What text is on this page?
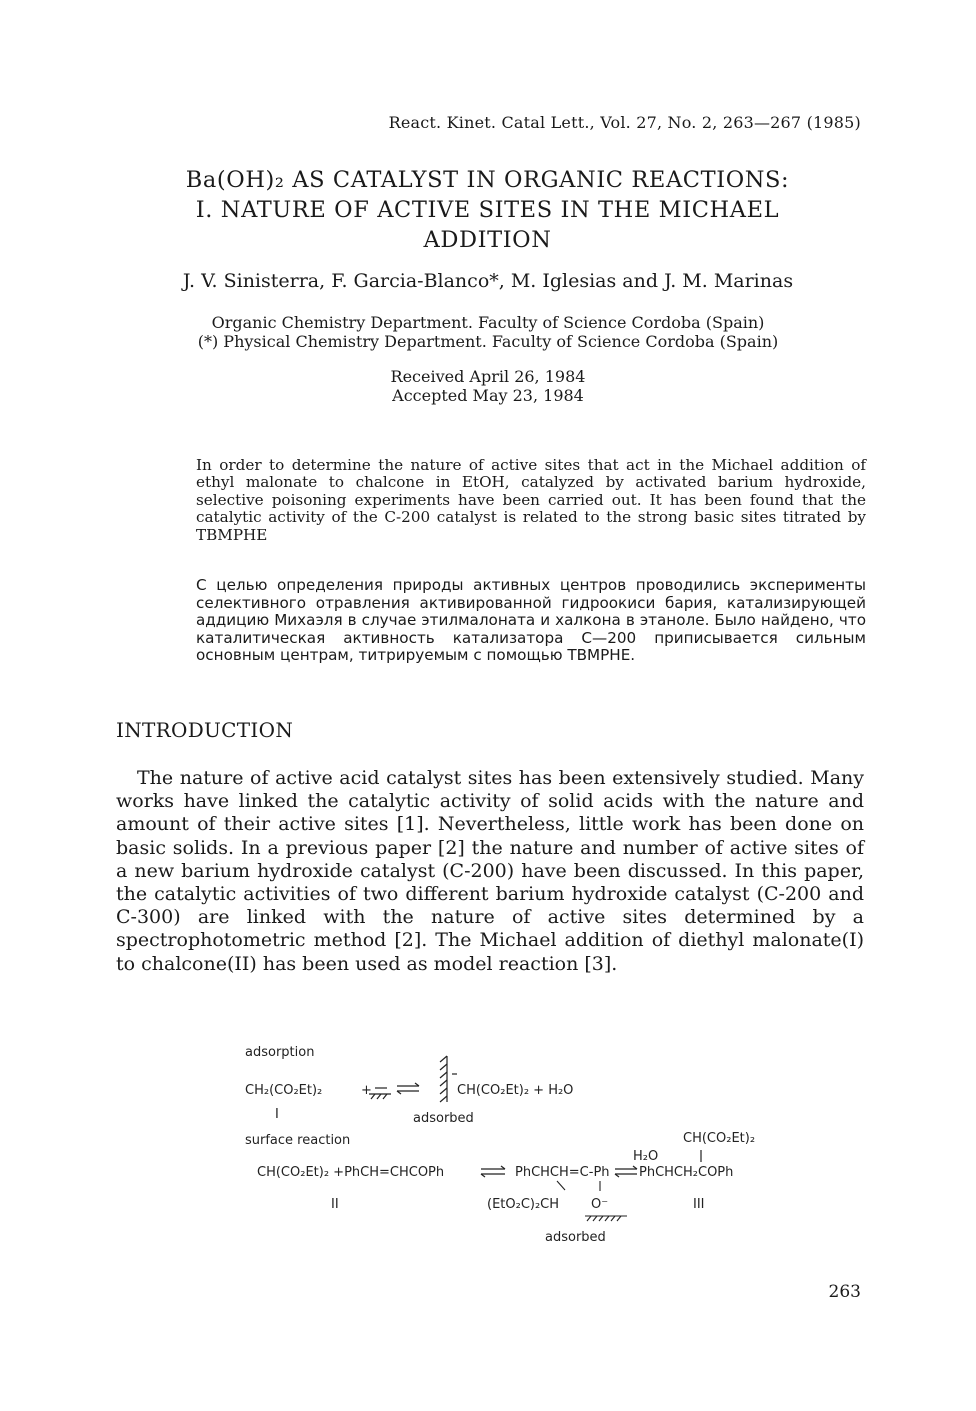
React. Kinet. Catal Lett., Vol. 27, No. 2, 263—267 (1985)
Ba(OH)₂ AS CATALYST IN ORGANIC REACTIONS:
I. NATURE OF ACTIVE SITES IN THE MICHAEL
ADDITION
J. V. Sinisterra, F. Garcia-Blanco*, M. Iglesias and J. M. Marinas
Organic Chemistry Department. Faculty of Science Cordoba (Spain)
(*) Physical Chemistry Department. Faculty of Science Cordoba (Spain)
Received April 26, 1984
Accepted May 23, 1984
In order to determine the nature of active sites that act in the Michael addition of ethyl malonate to chalcone in EtOH, catalyzed by activated barium hydroxide, selective poisoning experiments have been carried out. It has been found that the catalytic activity of the C-200 catalyst is related to the strong basic sites titrated by TBMPHE
С целью определения природы активных центров проводились эксперименты селективного отравления активированной гидроокиси бария, катализирующей аддицию Михаэля в случае этилмалоната и халкона в этаноле. Было найдено, что каталитическая активность катализатора С—200 приписывается сильным основным центрам, титрируемым с помощью TBMPHE.
INTRODUCTION

The nature of active acid catalyst sites has been extensively studied. Many works have linked the catalytic activity of solid acids with the nature and amount of their active sites [1]. Nevertheless, little work has been done on basic solids. In a previous paper [2] the nature and number of active sites of a new barium hydroxide catalyst (C-200) have been discussed. In this paper, the catalytic activities of two different barium hydroxide catalyst (C-200 and C-300) are linked with the nature of active sites determined by a spectrophotometric method [2]. The Michael addition of diethyl malonate(I) to chalcone(II) has been used as model reaction [3].

adsorption
CH₂(CO₂Et)₂	+	CH(CO₂Et)₂ + H₂O
I	adsorbed
surface reaction	CH(CO₂Et)₂
H₂O
CH(CO₂Et)₂ +PhCH=CHCOPh	PhCHCH=C-Ph PhCHCH₂COPh
II	(EtO₂C)₂CH O⁻	III
adsorbed
263
